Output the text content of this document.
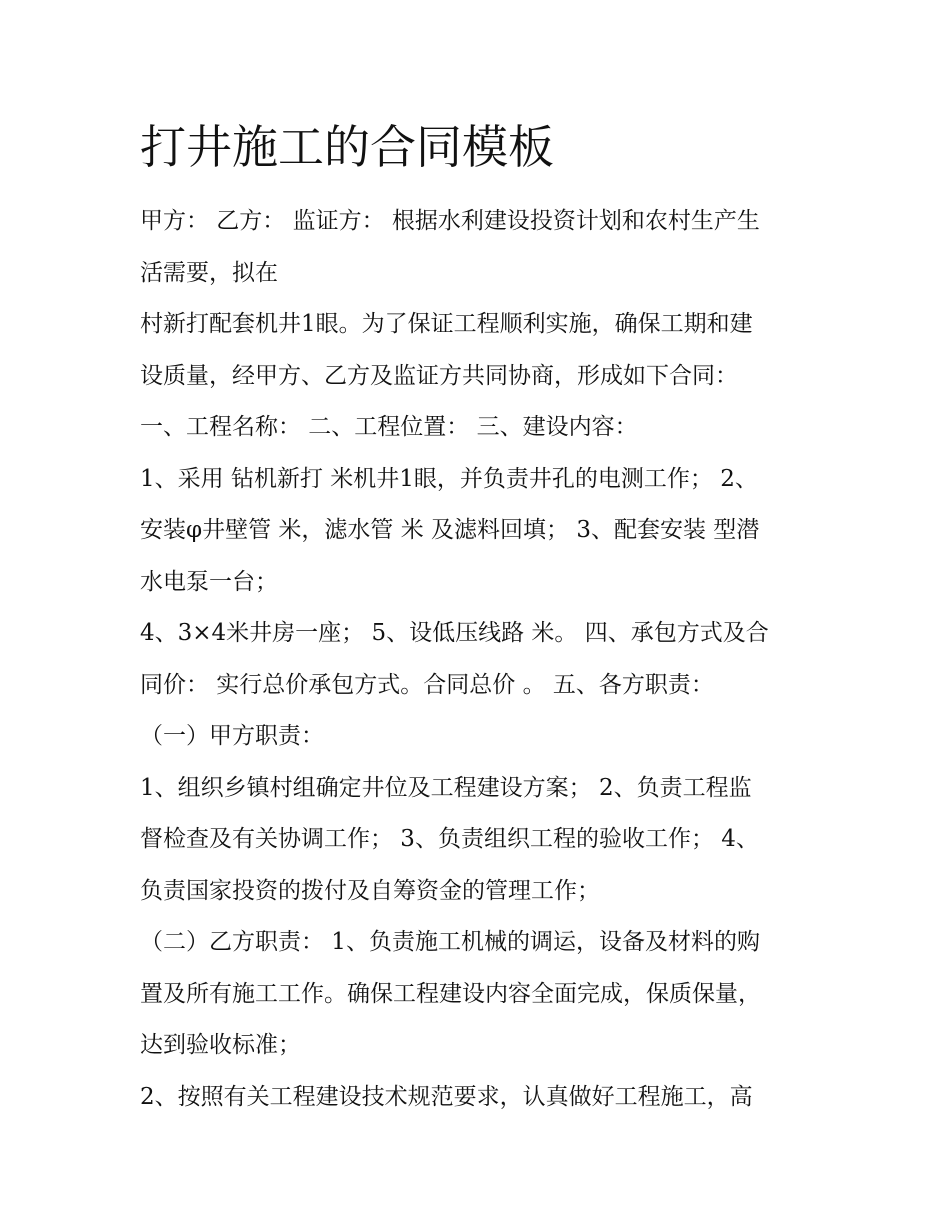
打井施工的合同模板
甲方： 乙方： 监证方： 根据水利建设投资计划和农村生产生
活需要，拟在
村新打配套机井1眼。为了保证工程顺利实施，确保工期和建
设质量，经甲方、乙方及监证方共同协商，形成如下合同：
一、工程名称： 二、工程位置： 三、建设内容：
1、采用 钻机新打 米机井1眼，并负责井孔的电测工作； 2、
安装φ井壁管 米，滤水管 米 及滤料回填； 3、配套安装 型潜
水电泵一台；
4、3×4米井房一座； 5、设低压线路 米。 四、承包方式及合
同价： 实行总价承包方式。合同总价 。 五、各方职责：
（一）甲方职责：
1、组织乡镇村组确定井位及工程建设方案； 2、负责工程监
督检查及有关协调工作； 3、负责组织工程的验收工作； 4、
负责国家投资的拨付及自筹资金的管理工作；
（二）乙方职责： 1、负责施工机械的调运，设备及材料的购
置及所有施工工作。确保工程建设内容全面完成，保质保量，
达到验收标准；
2、按照有关工程建设技术规范要求，认真做好工程施工，高
